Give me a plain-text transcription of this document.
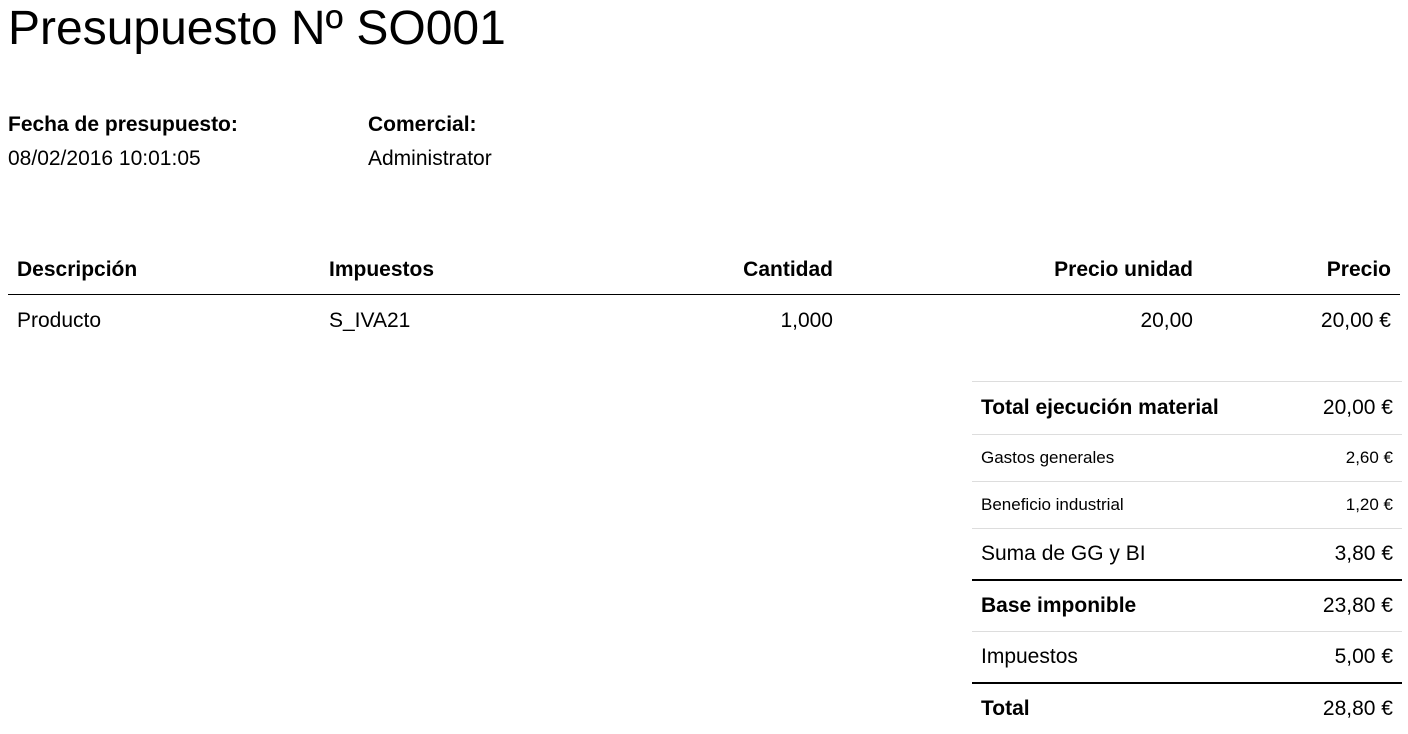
Presupuesto Nº SO001
Fecha de presupuesto:
08/02/2016 10:01:05
Comercial:
Administrator
Descripción	Impuestos	Cantidad	Precio unidad	Precio
Producto	S_IVA21	1,000	20,00	20,00 €
Total ejecución material	20,00 €
Gastos generales	2,60 €
Beneficio industrial	1,20 €
Suma de GG y BI	3,80 €
Base imponible	23,80 €
Impuestos	5,00 €
Total	28,80 €
